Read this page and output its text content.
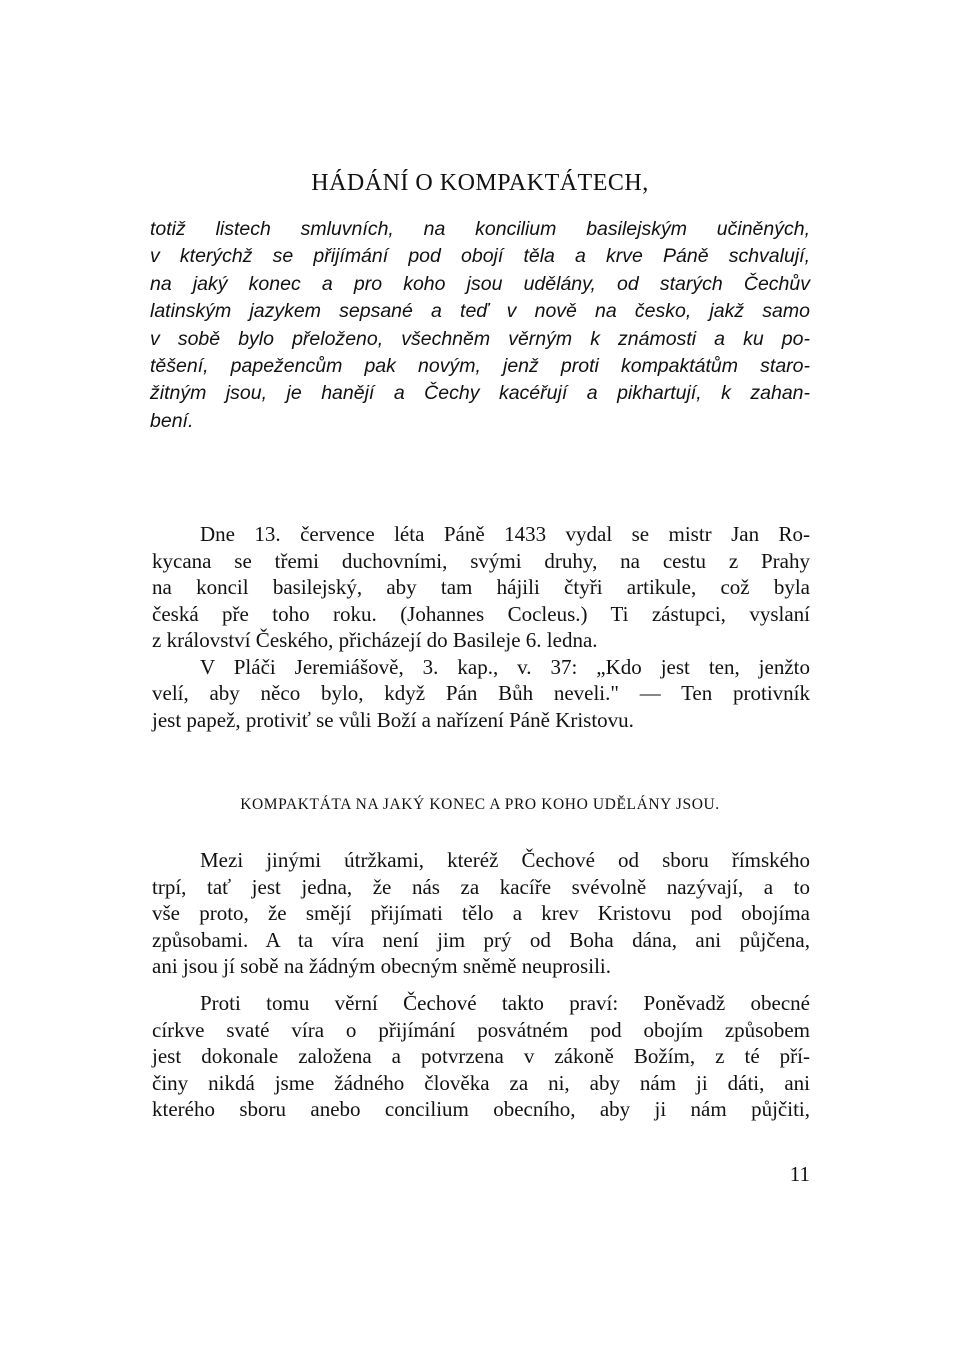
HÁDÁNÍ O KOMPAKTÁTECH,
totiž listech smluvních, na koncilium basilejským učiněných,
v kterýchž se přijímání pod obojí těla a krve Páně schvalují,
na jaký konec a pro koho jsou udělány, od starých Čechův
latinským jazykem sepsané a teď v nově na česko, jakž samo
v sobě bylo přeloženo, všechněm věrným k známosti a ku po-
těšení, papežencům pak novým, jenž proti kompaktátům staro-
žitným jsou, je hanějí a Čechy kacéřují a pikhartují, k zahan-
bení.
Dne 13. července léta Páně 1433 vydal se mistr Jan Ro-
kycana se třemi duchovními, svými druhy, na cestu z Prahy
na koncil basilejský, aby tam hájili čtyři artikule, což byla
česká pře toho roku. (Johannes Cocleus.) Ti zástupci, vyslaní
z království Českého, přicházejí do Basileje 6. ledna.
V Pláči Jeremiášově, 3. kap., v. 37: „Kdo jest ten, jenžto
velí, aby něco bylo, když Pán Bůh neveli." — Ten protivník
jest papež, protiviť se vůli Boží a nařízení Páně Kristovu.
KOMPAKTÁTA NA JAKÝ KONEC A PRO KOHO UDĚLÁNY JSOU.
Mezi jinými útržkami, kteréž Čechové od sboru římského
trpí, tať jest jedna, že nás za kacíře svévolně nazývají, a to
vše proto, že smějí přijímati tělo a krev Kristovu pod obojíma
způsobami. A ta víra není jim prý od Boha dána, ani půjčena,
ani jsou jí sobě na žádným obecným sněmě neuprosili.
Proti tomu věrní Čechové takto praví: Poněvadž obecné
církve svaté víra o přijímání posvátném pod obojím způsobem
jest dokonale založena a potvrzena v zákoně Božím, z té pří-
činy nikdá jsme žádného člověka za ni, aby nám ji dáti, ani
kterého sboru anebo concilium obecního, aby ji nám půjčiti,
11
